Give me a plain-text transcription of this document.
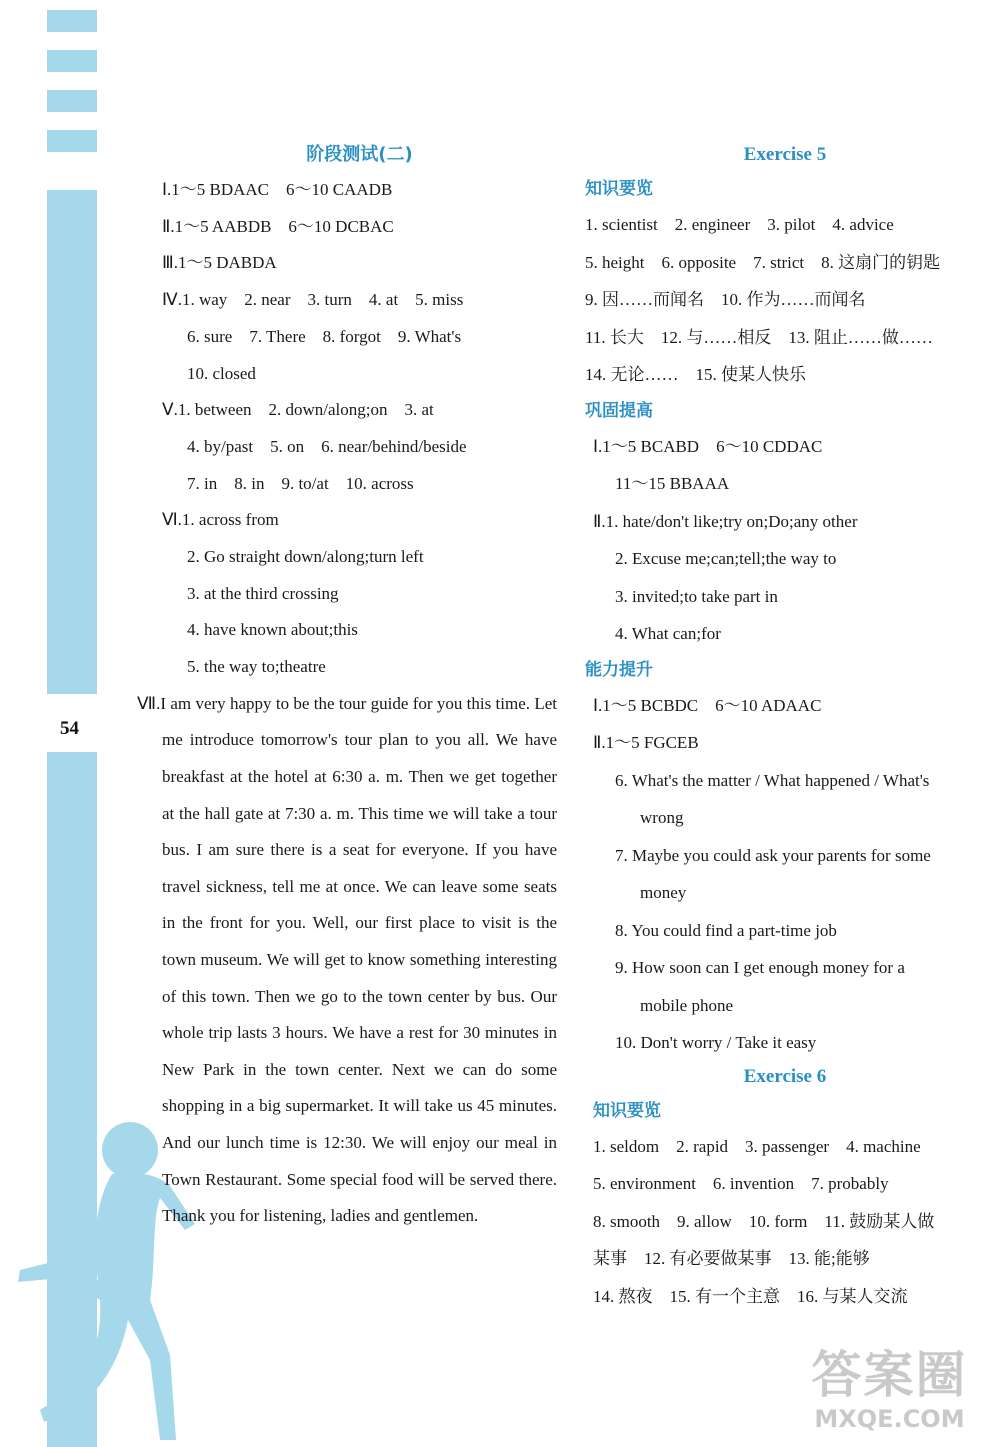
54
阶段测试(二)
Ⅰ.1～5 BDAAC　6～10 CAADB
Ⅱ.1～5 AABDB　6～10 DCBAC
Ⅲ.1～5 DABDA
Ⅳ.1. way　2. near　3. turn　4. at　5. miss
6. sure　7. There　8. forgot　9. What's
10. closed
Ⅴ.1. between　2. down/along;on　3. at
4. by/past　5. on　6. near/behind/beside
7. in　8. in　9. to/at　10. across
Ⅵ.1. across from
2. Go straight down/along;turn left
3. at the third crossing
4. have known about;this
5. the way to;theatre
Ⅶ.I am very happy to be the tour guide for you this time. Let me introduce tomorrow's tour plan to you all. We have breakfast at the hotel at 6:30 a. m. Then we get together at the hall gate at 7:30 a. m. This time we will take a tour bus. I am sure there is a seat for everyone. If you have travel sickness, tell me at once. We can leave some seats in the front for you. Well, our first place to visit is the town museum. We will get to know something interesting of this town. Then we go to the town center by bus. Our whole trip lasts 3 hours. We have a rest for 30 minutes in New Park in the town center. Next we can do some shopping in a big supermarket. It will take us 45 minutes. And our lunch time is 12:30. We will enjoy our meal in Town Restaurant. Some special food will be served there. Thank you for listening, ladies and gentlemen.
Exercise 5
知识要览
1. scientist　2. engineer　3. pilot　4. advice
5. height　6. opposite　7. strict　8. 这扇门的钥匙
9. 因……而闻名　10. 作为……而闻名
11. 长大　12. 与……相反　13. 阻止……做……
14. 无论……　15. 使某人快乐
巩固提高
Ⅰ.1～5 BCABD　6～10 CDDAC
11～15 BBAAA
Ⅱ.1. hate/don't like;try on;Do;any other
2. Excuse me;can;tell;the way to
3. invited;to take part in
4. What can;for
能力提升
Ⅰ.1～5 BCBDC　6～10 ADAAC
Ⅱ.1～5 FGCEB
6. What's the matter / What happened / What's
wrong
7. Maybe you could ask your parents for some
money
8. You could find a part-time job
9. How soon can I get enough money for a
mobile phone
10. Don't worry / Take it easy
Exercise 6
知识要览
1. seldom　2. rapid　3. passenger　4. machine
5. environment　6. invention　7. probably
8. smooth　9. allow　10. form　11. 鼓励某人做
某事　12. 有必要做某事　13. 能;能够
14. 熬夜　15. 有一个主意　16. 与某人交流
答案圈
MXQE.COM
